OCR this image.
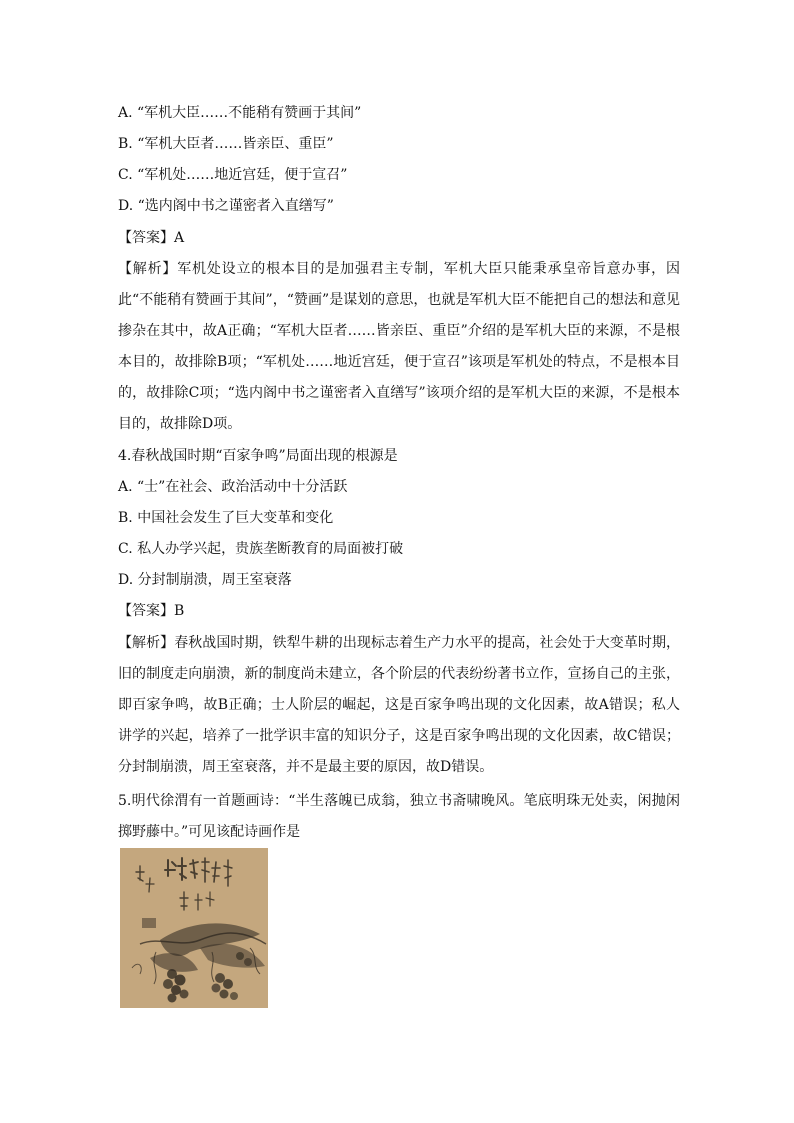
A. “军机大臣……不能稍有赞画于其间”
B. “军机大臣者……皆亲臣、重臣”
C. “军机处……地近宫廷，便于宣召”
D. “选内阁中书之谨密者入直缮写”
【答案】A
【解析】军机处设立的根本目的是加强君主专制，军机大臣只能秉承皇帝旨意办事，因此“不能稍有赞画于其间”，“赞画”是谋划的意思，也就是军机大臣不能把自己的想法和意见掺杂在其中，故A正确；“军机大臣者……皆亲臣、重臣”介绍的是军机大臣的来源，不是根本目的，故排除B项；“军机处……地近宫廷，便于宣召”该项是军机处的特点，不是根本目的，故排除C项；“选内阁中书之谨密者入直缮写”该项介绍的是军机大臣的来源，不是根本目的，故排除D项。
4.春秋战国时期“百家争鸣”局面出现的根源是
A. “士”在社会、政治活动中十分活跃
B. 中国社会发生了巨大变革和变化
C. 私人办学兴起，贵族垄断教育的局面被打破
D. 分封制崩溃，周王室衰落
【答案】B
【解析】春秋战国时期，铁犁牛耕的出现标志着生产力水平的提高，社会处于大变革时期，旧的制度走向崩溃，新的制度尚未建立，各个阶层的代表纷纷著书立作，宣扬自己的主张，即百家争鸣，故B正确；士人阶层的崛起，这是百家争鸣出现的文化因素，故A错误；私人讲学的兴起，培养了一批学识丰富的知识分子，这是百家争鸣出现的文化因素，故C错误；分封制崩溃，周王室衰落，并不是最主要的原因，故D错误。
5.明代徐渭有一首题画诗：“半生落魄已成翁，独立书斋啸晚风。笔底明珠无处卖，闲抛闲掷野藤中。”可见该配诗画作是
